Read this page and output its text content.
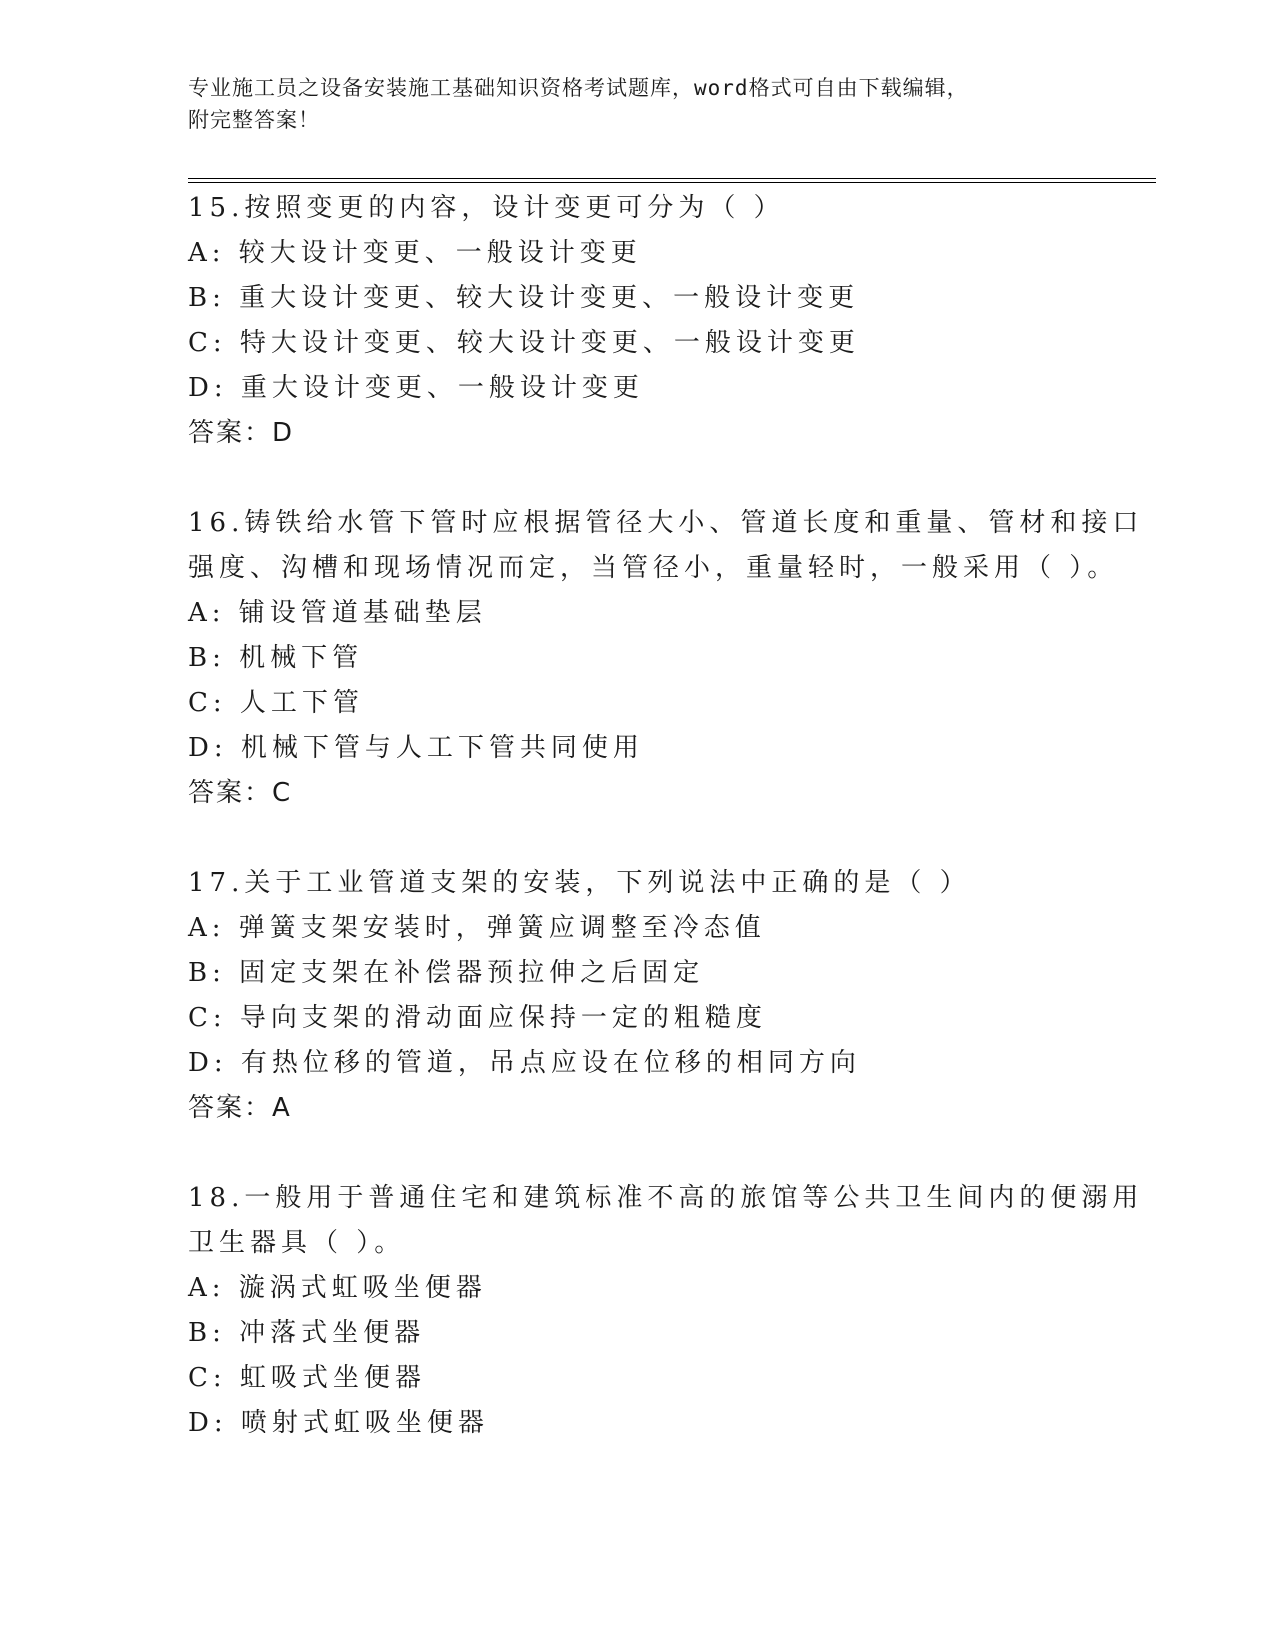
专业施工员之设备安装施工基础知识资格考试题库，word格式可自由下载编辑，
附完整答案！
15.按照变更的内容，设计变更可分为（ ）
A: 较大设计变更、一般设计变更
B: 重大设计变更、较大设计变更、一般设计变更
C: 特大设计变更、较大设计变更、一般设计变更
D: 重大设计变更、一般设计变更
答案：D
16.铸铁给水管下管时应根据管径大小、管道长度和重量、管材和接口
强度、沟槽和现场情况而定，当管径小，重量轻时，一般采用（ ）。
A: 铺设管道基础垫层
B: 机械下管
C: 人工下管
D: 机械下管与人工下管共同使用
答案：C
17.关于工业管道支架的安装，下列说法中正确的是（ ）
A: 弹簧支架安装时，弹簧应调整至冷态值
B: 固定支架在补偿器预拉伸之后固定
C: 导向支架的滑动面应保持一定的粗糙度
D: 有热位移的管道，吊点应设在位移的相同方向
答案：A
18.一般用于普通住宅和建筑标准不高的旅馆等公共卫生间内的便溺用
卫生器具（ ）。
A: 漩涡式虹吸坐便器
B: 冲落式坐便器
C: 虹吸式坐便器
D: 喷射式虹吸坐便器
